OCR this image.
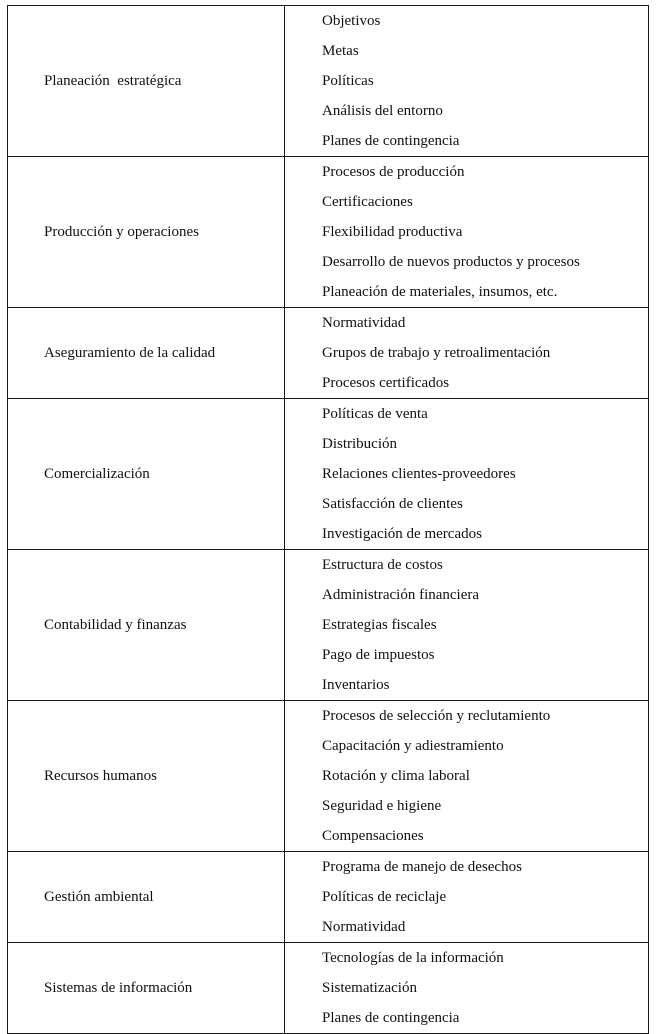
Planeación  estratégica	Objetivos
Metas
Políticas
Análisis del entorno
Planes de contingencia

Producción y operaciones	Procesos de producción
Certificaciones
Flexibilidad productiva
Desarrollo de nuevos productos y procesos
Planeación de materiales, insumos, etc.

Aseguramiento de la calidad	Normatividad
Grupos de trabajo y retroalimentación
Procesos certificados

Comercialización	Políticas de venta
Distribución
Relaciones clientes-proveedores
Satisfacción de clientes
Investigación de mercados

Contabilidad y finanzas	Estructura de costos
Administración financiera
Estrategias fiscales
Pago de impuestos
Inventarios

Recursos humanos	Procesos de selección y reclutamiento
Capacitación y adiestramiento
Rotación y clima laboral
Seguridad e higiene
Compensaciones

Gestión ambiental	Programa de manejo de desechos
Políticas de reciclaje
Normatividad

Sistemas de información	Tecnologías de la información
Sistematización
Planes de contingencia
